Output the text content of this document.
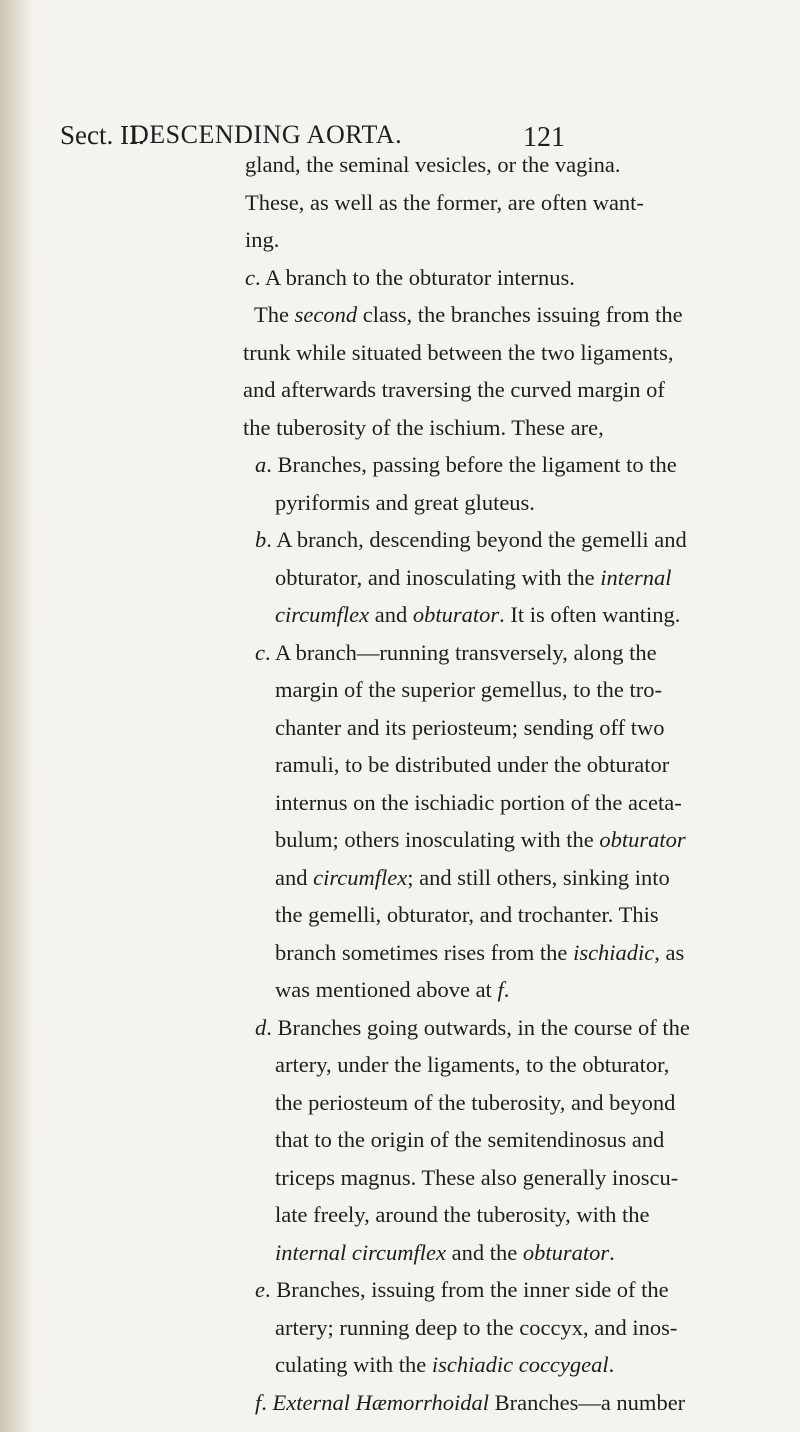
Sect. II.
DESCENDING AORTA.	121
gland, the seminal vesicles, or the vagina.
These, as well as the former, are often want-
ing.
c. A branch to the obturator internus.
The second class, the branches issuing from the
trunk while situated between the two ligaments,
and afterwards traversing the curved margin of
the tuberosity of the ischium. These are,
a. Branches, passing before the ligament to the
pyriformis and great gluteus.
b. A branch, descending beyond the gemelli and
obturator, and inosculating with the internal
circumflex and obturator. It is often wanting.
c. A branch—running transversely, along the
margin of the superior gemellus, to the tro-
chanter and its periosteum; sending off two
ramuli, to be distributed under the obturator
internus on the ischiadic portion of the aceta-
bulum; others inosculating with the obturator
and circumflex; and still others, sinking into
the gemelli, obturator, and trochanter. This
branch sometimes rises from the ischiadic, as
was mentioned above at f.
d. Branches going outwards, in the course of the
artery, under the ligaments, to the obturator,
the periosteum of the tuberosity, and beyond
that to the origin of the semitendinosus and
triceps magnus. These also generally inoscu-
late freely, around the tuberosity, with the
internal circumflex and the obturator.
e. Branches, issuing from the inner side of the
artery; running deep to the coccyx, and inos-
culating with the ischiadic coccygeal.
f. External Hæmorrhoidal Branches—a number
